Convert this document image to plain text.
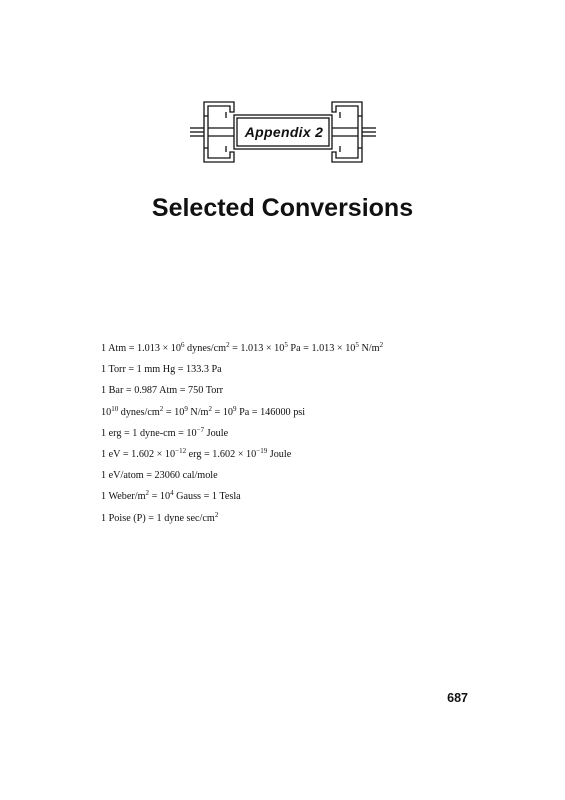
Appendix 2
Selected Conversions
1 Atm = $1.013 \times 10^6$ dynes/$cm^2 = 1.013 \times 10^5$ $Pa = 1.013 \times 10^5$ $N/m^2$
1 Torr = 1 mm Hg = 133.3 Pa
1 Bar = 0.987 Atm = 750 Torr
$10^{10}$ dynes/$cm^2 = 10^9$ $N/m^2 = 10^9$ Pa = 146000 psi
1 erg = 1 dyne-cm = $10^{-7}$ Joule
1 eV = $1.602 \times 10^{-12}$ erg = $1.602 \times 10^{-19}$ Joule
1 eV/atom = 23060 cal/mole
1 Weber/$m^2 = 10^4$ Gauss = 1 Tesla
1 Poise (P) = 1 dyne $\sec/cm^2$
687
